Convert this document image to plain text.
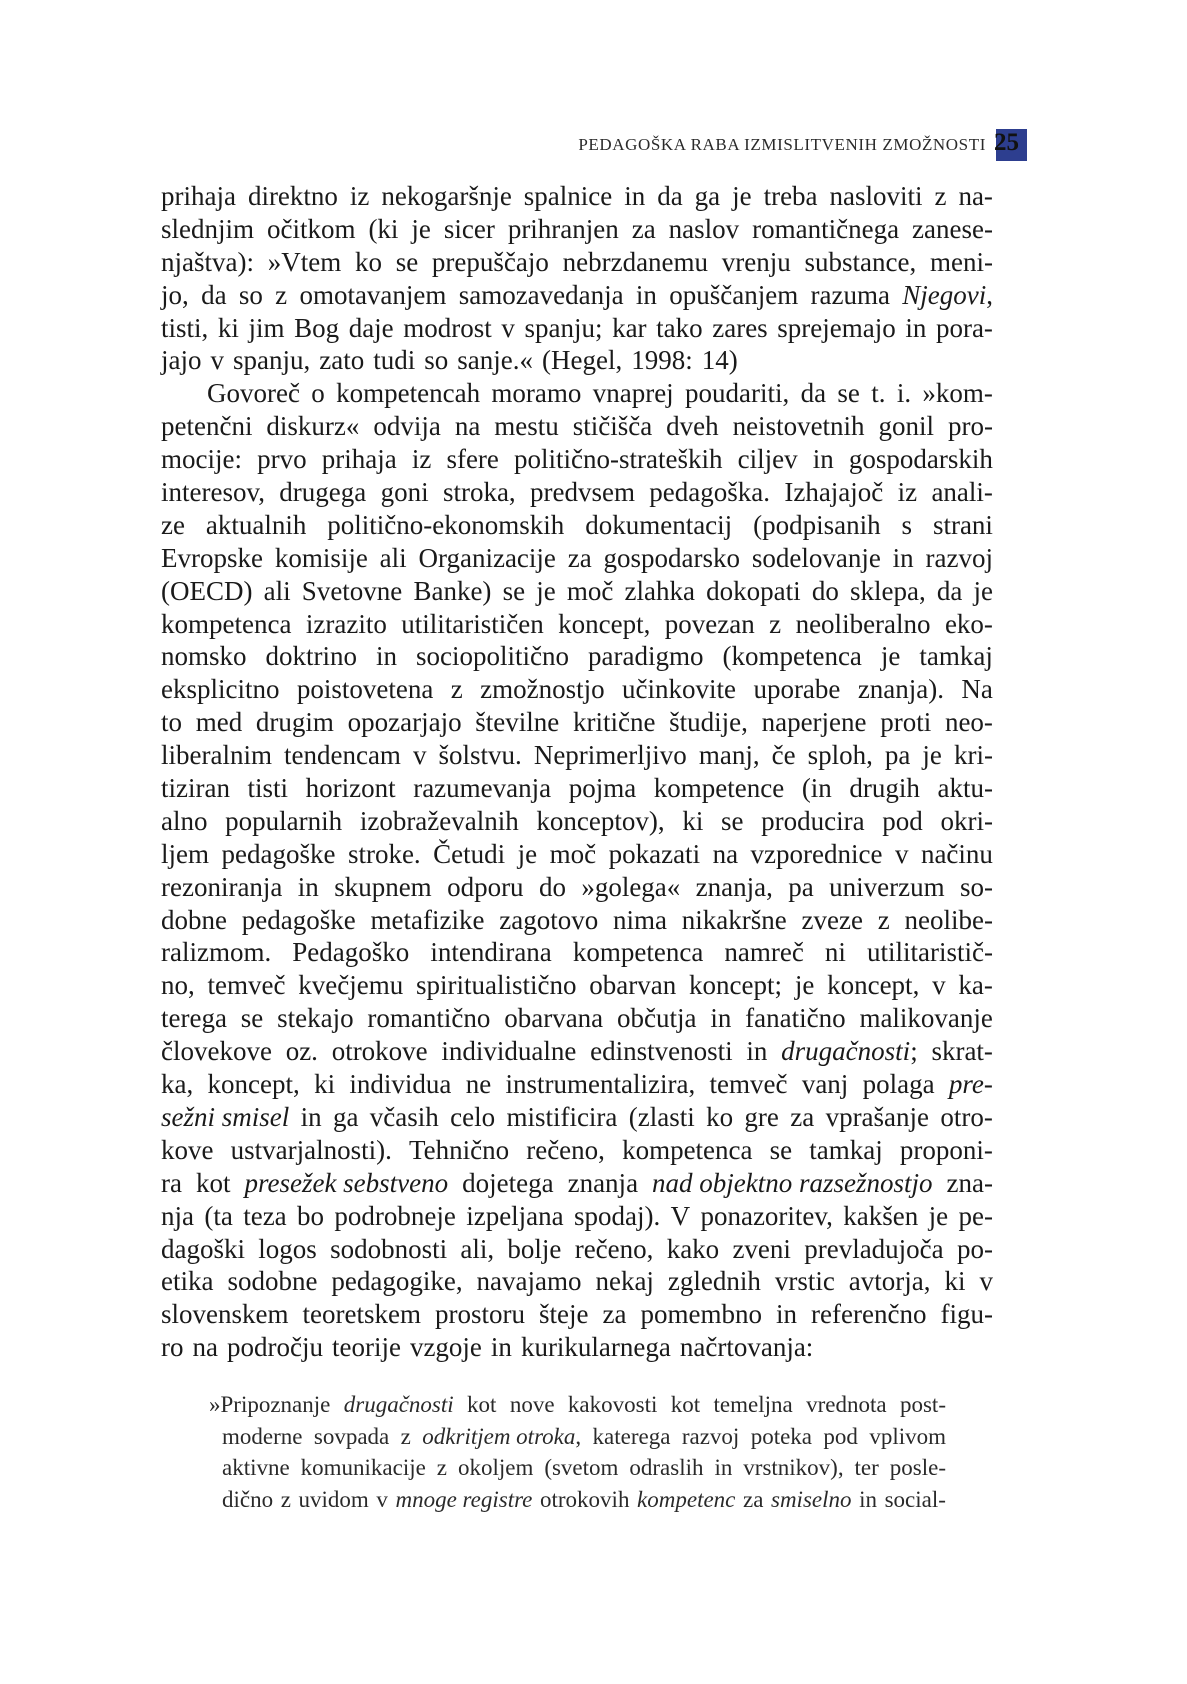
PEDAGOŠKA RABA IZMISLITVENIH ZMOŽNOSTI 25
prihaja direktno iz nekogaršnje spalnice in da ga je treba nasloviti z na-
slednjim očitkom (ki je sicer prihranjen za naslov romantičnega zanese-
njaštva): »Vtem ko se prepuščajo nebrzdanemu vrenju substance, meni-
jo, da so z omotavanjem samozavedanja in opuščanjem razuma Njegovi,
tisti, ki jim Bog daje modrost v spanju; kar tako zares sprejemajo in pora-
jajo v spanju, zato tudi so sanje.« (Hegel, 1998: 14)
Govoreč o kompetencah moramo vnaprej poudariti, da se t. i. »kom-
petenčni diskurz« odvija na mestu stičišča dveh neistovetnih gonil pro-
mocije: prvo prihaja iz sfere politično-strateških ciljev in gospodarskih
interesov, drugega goni stroka, predvsem pedagoška. Izhajajoč iz anali-
ze aktualnih politično-ekonomskih dokumentacij (podpisanih s strani
Evropske komisije ali Organizacije za gospodarsko sodelovanje in razvoj
(OECD) ali Svetovne Banke) se je moč zlahka dokopati do sklepa, da je
kompetenca izrazito utilitarističen koncept, povezan z neoliberalno eko-
nomsko doktrino in sociopolitično paradigmo (kompetenca je tamkaj
eksplicitno poistovetena z zmožnostjo učinkovite uporabe znanja). Na
to med drugim opozarjajo številne kritične študije, naperjene proti neo-
liberalnim tendencam v šolstvu. Neprimerljivo manj, če sploh, pa je kri-
tiziran tisti horizont razumevanja pojma kompetence (in drugih aktu-
alno popularnih izobraževalnih konceptov), ki se producira pod okri-
ljem pedagoške stroke. Četudi je moč pokazati na vzporednice v načinu
rezoniranja in skupnem odporu do »golega« znanja, pa univerzum so-
dobne pedagoške metafizike zagotovo nima nikakršne zveze z neolibe-
ralizmom. Pedagoško intendirana kompetenca namreč ni utilitaristič-
no, temveč kvečjemu spiritualistično obarvan koncept; je koncept, v ka-
terega se stekajo romantično obarvana občutja in fanatično malikovanje
človekove oz. otrokove individualne edinstvenosti in drugačnosti; skrat-
ka, koncept, ki individua ne instrumentalizira, temveč vanj polaga pre-
sežni smisel in ga včasih celo mistificira (zlasti ko gre za vprašanje otro-
kove ustvarjalnosti). Tehnično rečeno, kompetenca se tamkaj proponi-
ra kot presežek sebstveno dojetega znanja nad objektno razsežnostjo zna-
nja (ta teza bo podrobneje izpeljana spodaj). V ponazoritev, kakšen je pe-
dagoški logos sodobnosti ali, bolje rečeno, kako zveni prevladujoča po-
etika sodobne pedagogike, navajamo nekaj zglednih vrstic avtorja, ki v
slovenskem teoretskem prostoru šteje za pomembno in referenčno figu-
ro na področju teorije vzgoje in kurikularnega načrtovanja:
»Pripoznanje drugačnosti kot nove kakovosti kot temeljna vrednota post-
moderne sovpada z odkritjem otroka, katerega razvoj poteka pod vplivom
aktivne komunikacije z okoljem (svetom odraslih in vrstnikov), ter posle-
dično z uvidom v mnoge registre otrokovih kompetenc za smiselno in social-
